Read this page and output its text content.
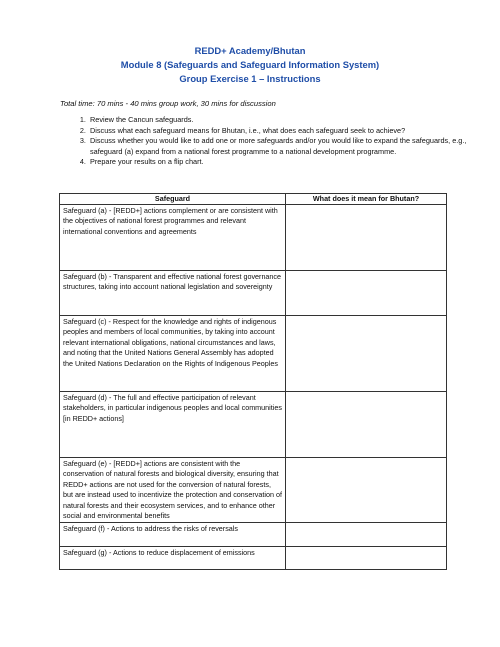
REDD+ Academy/Bhutan
Module 8 (Safeguards and Safeguard Information System)
Group Exercise 1 – Instructions
Total time: 70 mins - 40 mins group work, 30 mins for discussion
1. Review the Cancun safeguards.
2. Discuss what each safeguard means for Bhutan, i.e., what does each safeguard seek to achieve?
3. Discuss whether you would like to add one or more safeguards and/or you would like to expand the safeguards, e.g., safeguard (a) expand from a national forest programme to a national development programme.
4. Prepare your results on a flip chart.
Safeguard	What does it mean for Bhutan?
Safeguard (a) - [REDD+] actions complement or are consistent with the objectives of national forest programmes and relevant international conventions and agreements	
Safeguard (b) - Transparent and effective national forest governance structures, taking into account national legislation and sovereignty	
Safeguard (c) - Respect for the knowledge and rights of indigenous peoples and members of local communities, by taking into account relevant international obligations, national circumstances and laws, and noting that the United Nations General Assembly has adopted the United Nations Declaration on the Rights of Indigenous Peoples	
Safeguard (d) - The full and effective participation of relevant stakeholders, in particular indigenous peoples and local communities [in REDD+ actions]	
Safeguard (e) - [REDD+] actions are consistent with the conservation of natural forests and biological diversity, ensuring that REDD+ actions are not used for the conversion of natural forests, but are instead used to incentivize the protection and conservation of natural forests and their ecosystem services, and to enhance other social and environmental benefits	
Safeguard (f) - Actions to address the risks of reversals	
Safeguard (g) - Actions to reduce displacement of emissions	
